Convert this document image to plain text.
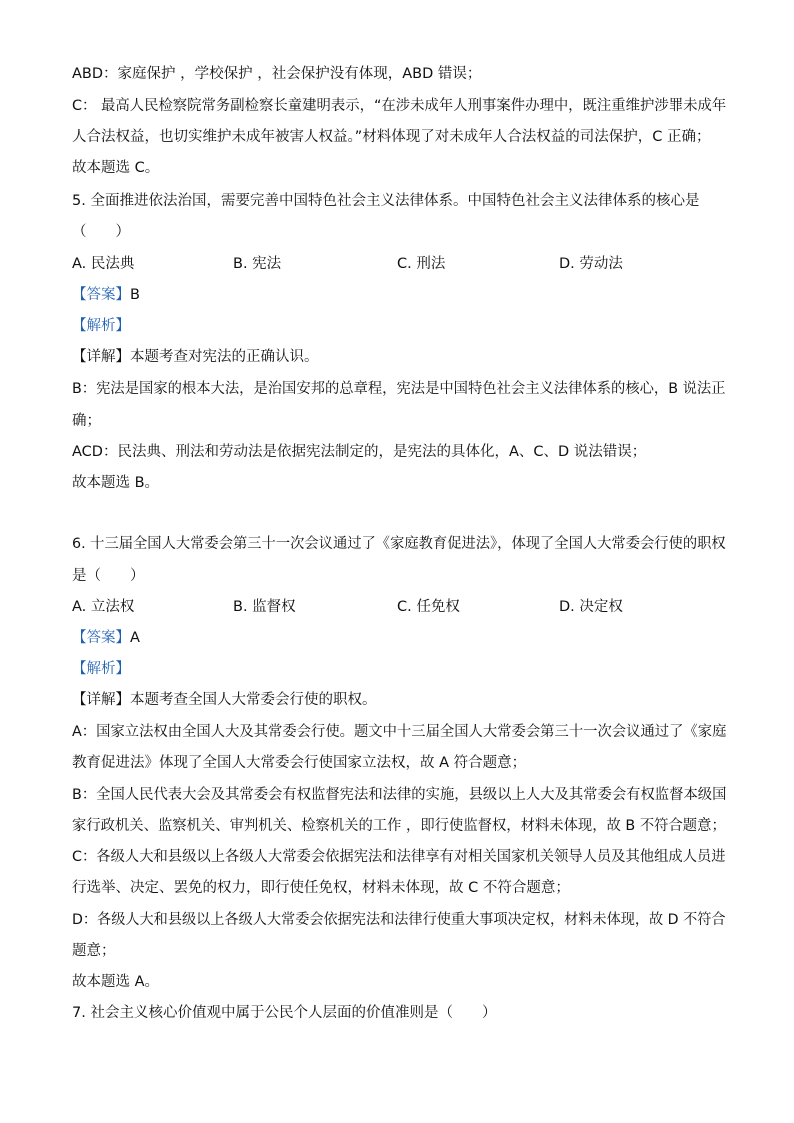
ABD：家庭保护 ，学校保护 ，社会保护没有体现，ABD 错误；
C： 最高人民检察院常务副检察长童建明表示，“在涉未成年人刑事案件办理中，既注重维护涉罪未成年
人合法权益，也切实维护未成年被害人权益。”材料体现了对未成年人合法权益的司法保护，C 正确；
故本题选 C。
5. 全面推进依法治国，需要完善中国特色社会主义法律体系。中国特色社会主义法律体系的核心是
（　　）
A. 民法典	B. 宪法	C. 刑法	D. 劳动法
【答案】B
【解析】
【详解】本题考查对宪法的正确认识。
B：宪法是国家的根本大法，是治国安邦的总章程，宪法是中国特色社会主义法律体系的核心，B 说法正
确；
ACD：民法典、刑法和劳动法是依据宪法制定的，是宪法的具体化，A、C、D 说法错误；
故本题选 B。
6. 十三届全国人大常委会第三十一次会议通过了《家庭教育促进法》，体现了全国人大常委会行使的职权
是（　　）
A. 立法权	B. 监督权	C. 任免权	D. 决定权
【答案】A
【解析】
【详解】本题考查全国人大常委会行使的职权。
A：国家立法权由全国人大及其常委会行使。题文中十三届全国人大常委会第三十一次会议通过了《家庭
教育促进法》体现了全国人大常委会行使国家立法权，故 A 符合题意；
B：全国人民代表大会及其常委会有权监督宪法和法律的实施，县级以上人大及其常委会有权监督本级国
家行政机关、监察机关、审判机关、检察机关的工作 ，即行使监督权，材料未体现，故 B 不符合题意；
C：各级人大和县级以上各级人大常委会依据宪法和法律享有对相关国家机关领导人员及其他组成人员进
行选举、决定、罢免的权力，即行使任免权，材料未体现，故 C 不符合题意；
D：各级人大和县级以上各级人大常委会依据宪法和法律行使重大事项决定权，材料未体现，故 D 不符合
题意；
故本题选 A。
7. 社会主义核心价值观中属于公民个人层面的价值准则是（　　）
